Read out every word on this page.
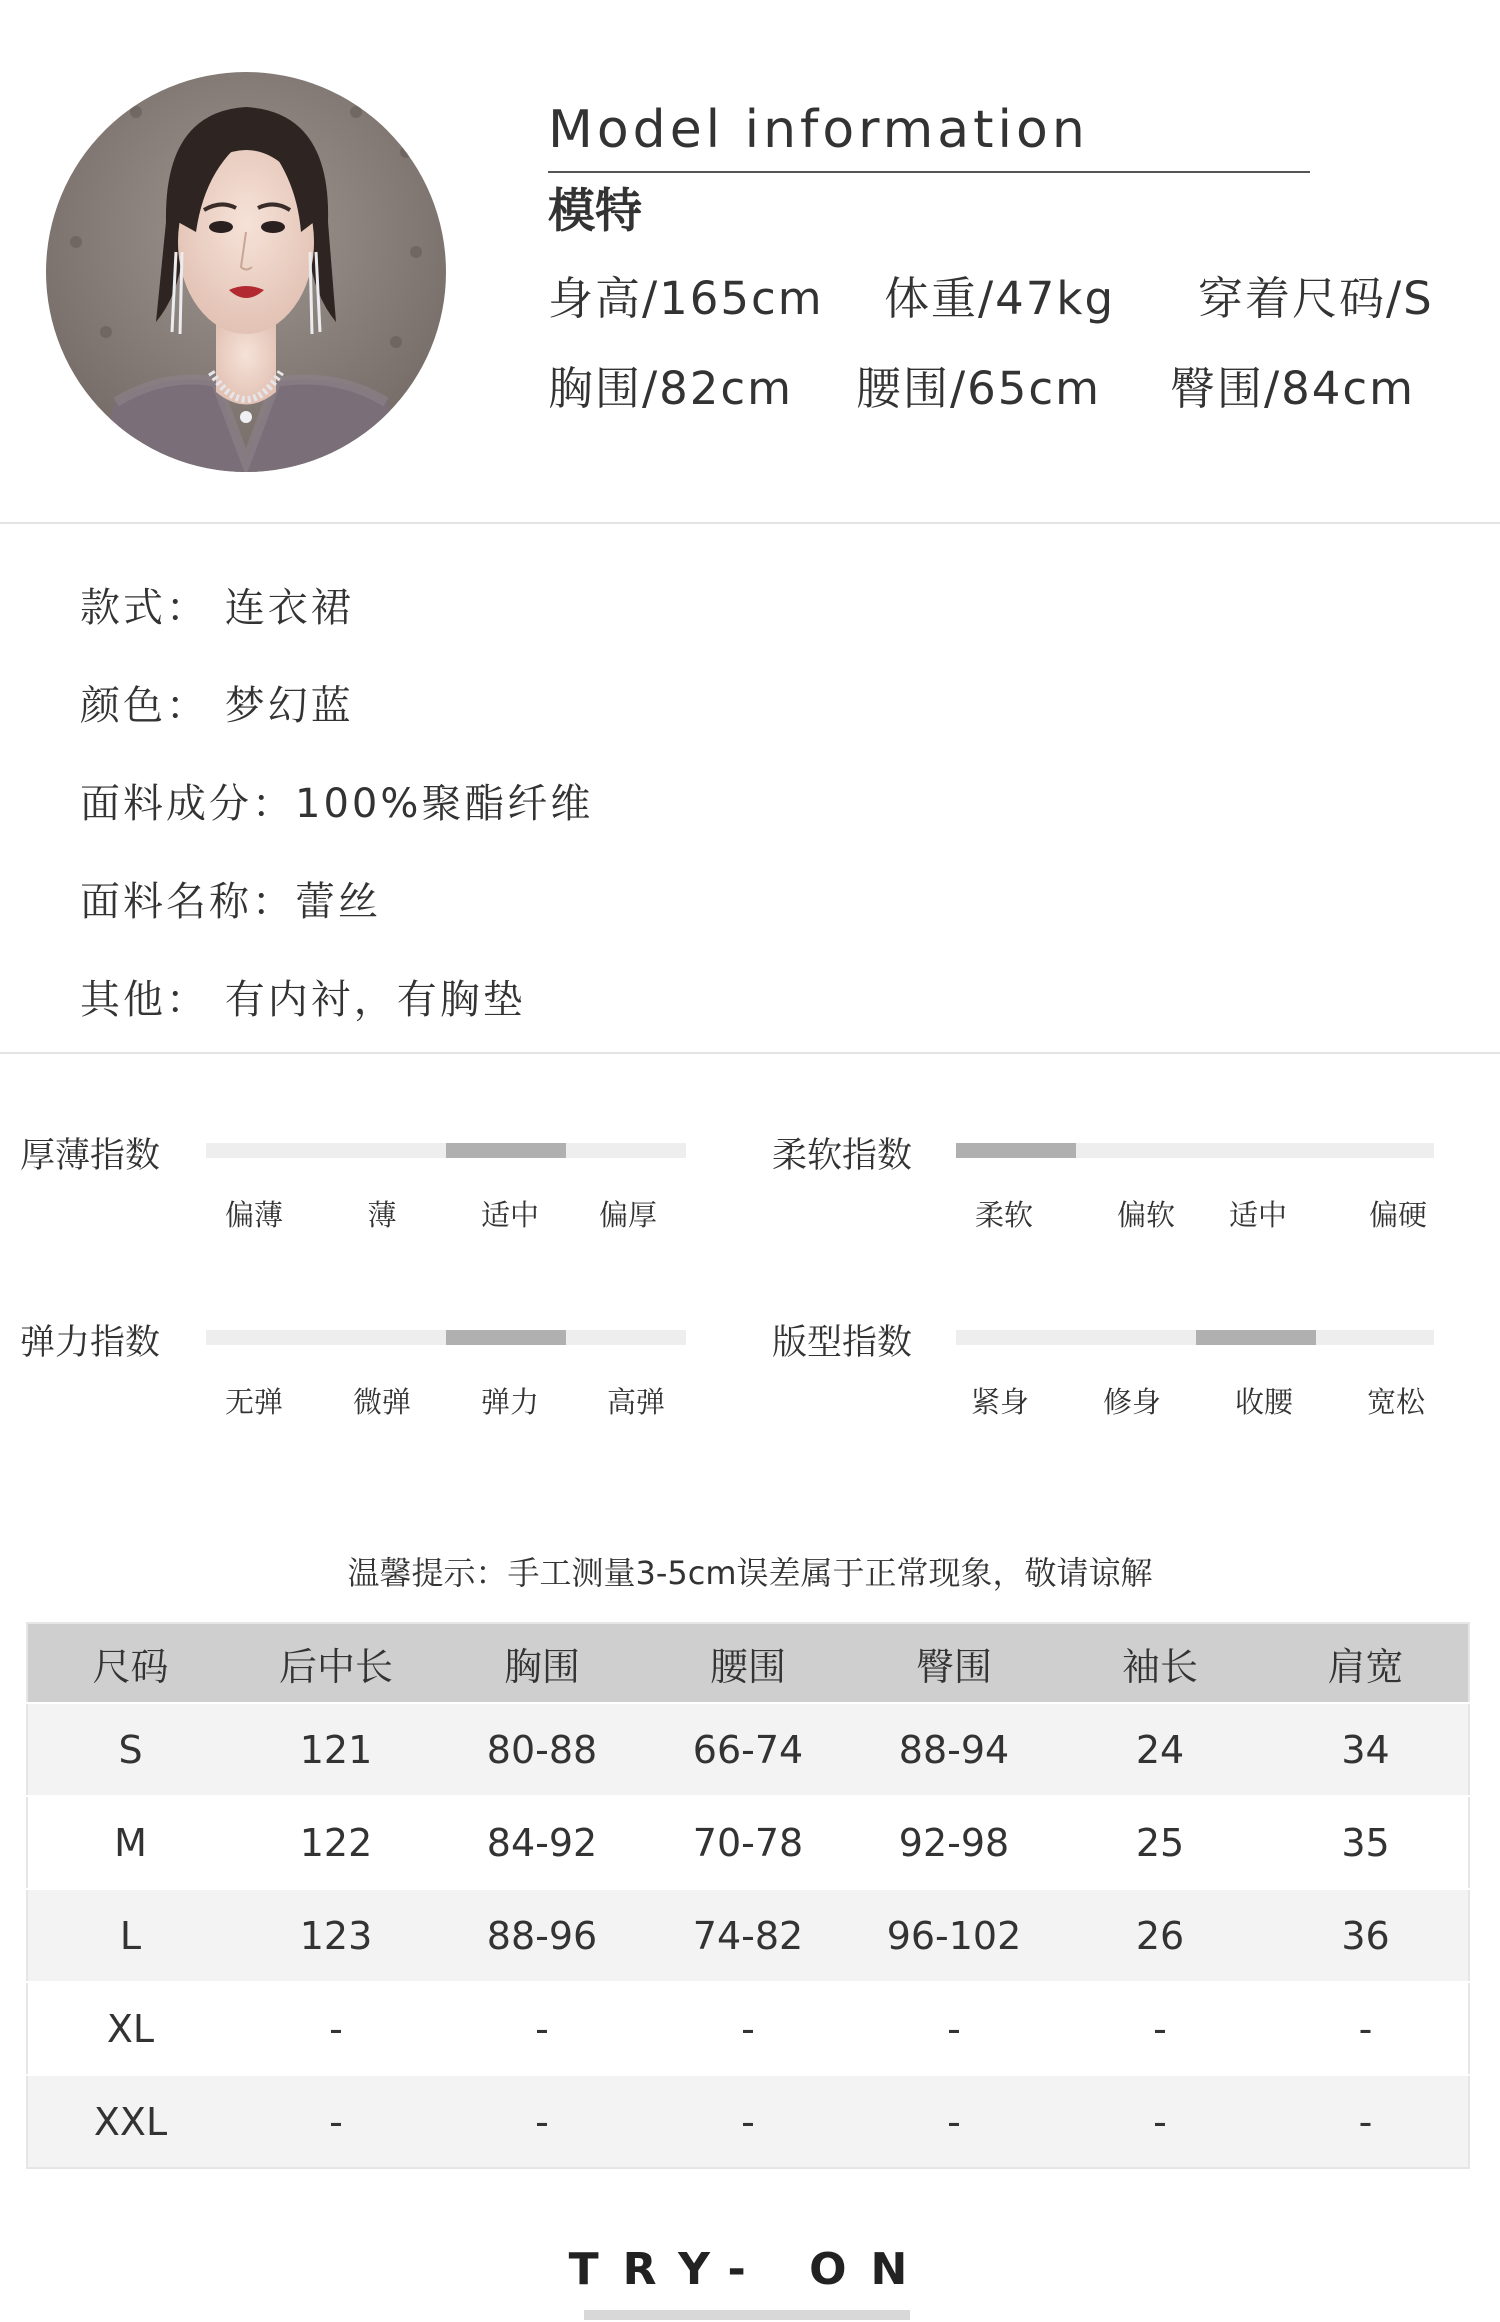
Model information
模特
身高/165cm 体重/47kg 穿着尺码/S
胸围/82cm 腰围/65cm 臀围/84cm
款式： 连衣裙
颜色： 梦幻蓝
面料成分：100%聚酯纤维
面料名称：蕾丝
其他： 有内衬，有胸垫
厚薄指数
偏薄	薄	适中 偏厚
柔软指数
柔软	偏软 适中	偏硬
弹力指数
无弹 微弹 弹力 高弹
版型指数
紧身	修身	收腰	宽松
温馨提示：手工测量3-5cm误差属于正常现象，敬请谅解
尺码	后中长	胸围	腰围	臀围	袖长	肩宽
S	121	80-88	66-74	88-94	24	34
M	122	84-92	70-78	92-98	25	35
L	123	88-96	74-82	96-102	26	36
XL	-	-	-	-	-	-
XXL	-	-	-	-	-	-
TRY- ON
